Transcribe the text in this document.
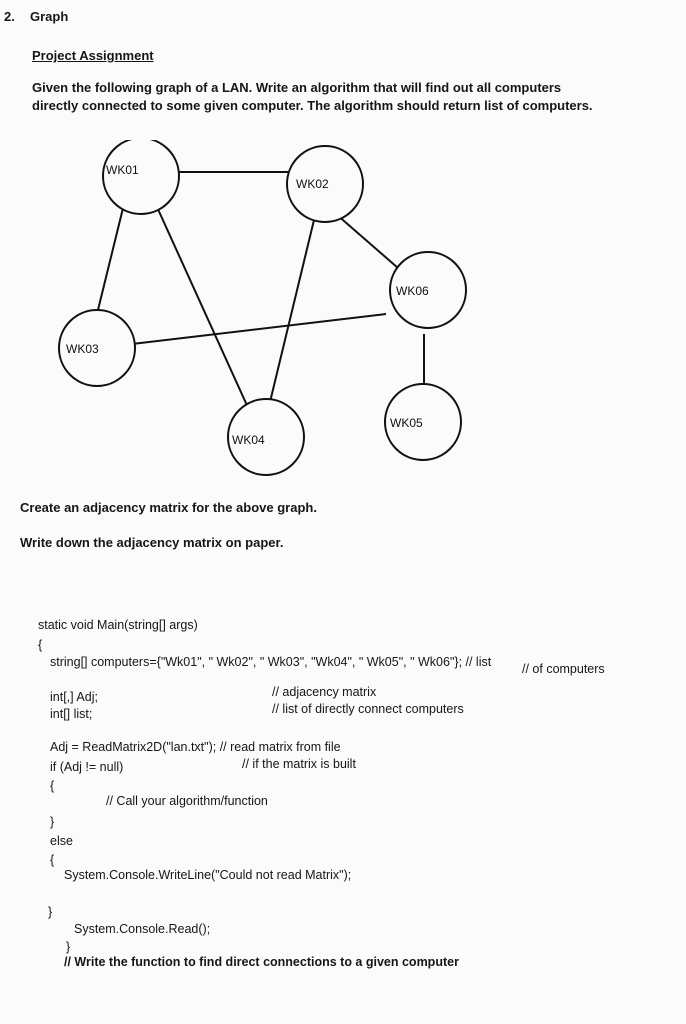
2. Graph
Project Assignment
Given the following graph of a LAN. Write an algorithm that will find out all computers
directly connected to some given computer. The algorithm should return list of computers.
WK01
WK02
WK03
WK04
WK05
WK06
Create an adjacency matrix for the above graph.
Write down the adjacency matrix on paper.
static void Main(string[] args)
{
string[] computers={"Wk01", " Wk02", " Wk03", "Wk04", " Wk05", " Wk06"}; // list // of computers
int[,] Adj;	// adjacency matrix
int[] list;	// list of directly connect computers
Adj = ReadMatrix2D("lan.txt"); // read matrix from file
if (Adj != null)	// if the matrix is built
{
// Call your algorithm/function
}
else
{
System.Console.WriteLine("Could not read Matrix");
}
System.Console.Read();
}
// Write the function to find direct connections to a given computer
